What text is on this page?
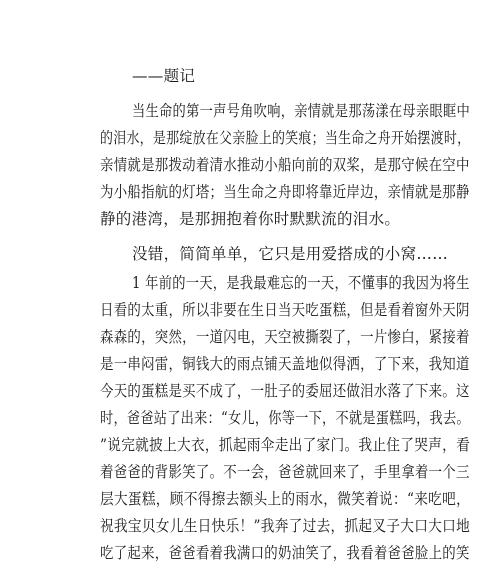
——题记
当生命的第一声号角吹响，亲情就是那荡漾在母亲眼眶中
的泪水，是那绽放在父亲脸上的笑痕；当生命之舟开始摆渡时，
亲情就是那拨动着清水推动小船向前的双桨，是那守候在空中
为小船指航的灯塔；当生命之舟即将靠近岸边，亲情就是那静
静的港湾，是那拥抱着你时默默流的泪水。
没错，简简单单，它只是用爱搭成的小窝……
1 年前的一天，是我最难忘的一天，不懂事的我因为将生
日看的太重，所以非要在生日当天吃蛋糕，但是看着窗外天阴
森森的，突然，一道闪电，天空被撕裂了，一片惨白，紧接着
是一串闷雷，铜钱大的雨点铺天盖地似得洒，了下来，我知道
今天的蛋糕是买不成了，一肚子的委屈还做泪水落了下来。这
时，爸爸站了出来：“女儿，你等一下，不就是蛋糕吗，我去。
”说完就披上大衣，抓起雨伞走出了家门。我止住了哭声，看
着爸爸的背影笑了。不一会，爸爸就回来了，手里拿着一个三
层大蛋糕，顾不得擦去额头上的雨水，微笑着说：“来吃吧，
祝我宝贝女儿生日快乐！”我奔了过去，抓起叉子大口大口地
吃了起来，爸爸看着我满口的奶油笑了，我看着爸爸脸上的笑
